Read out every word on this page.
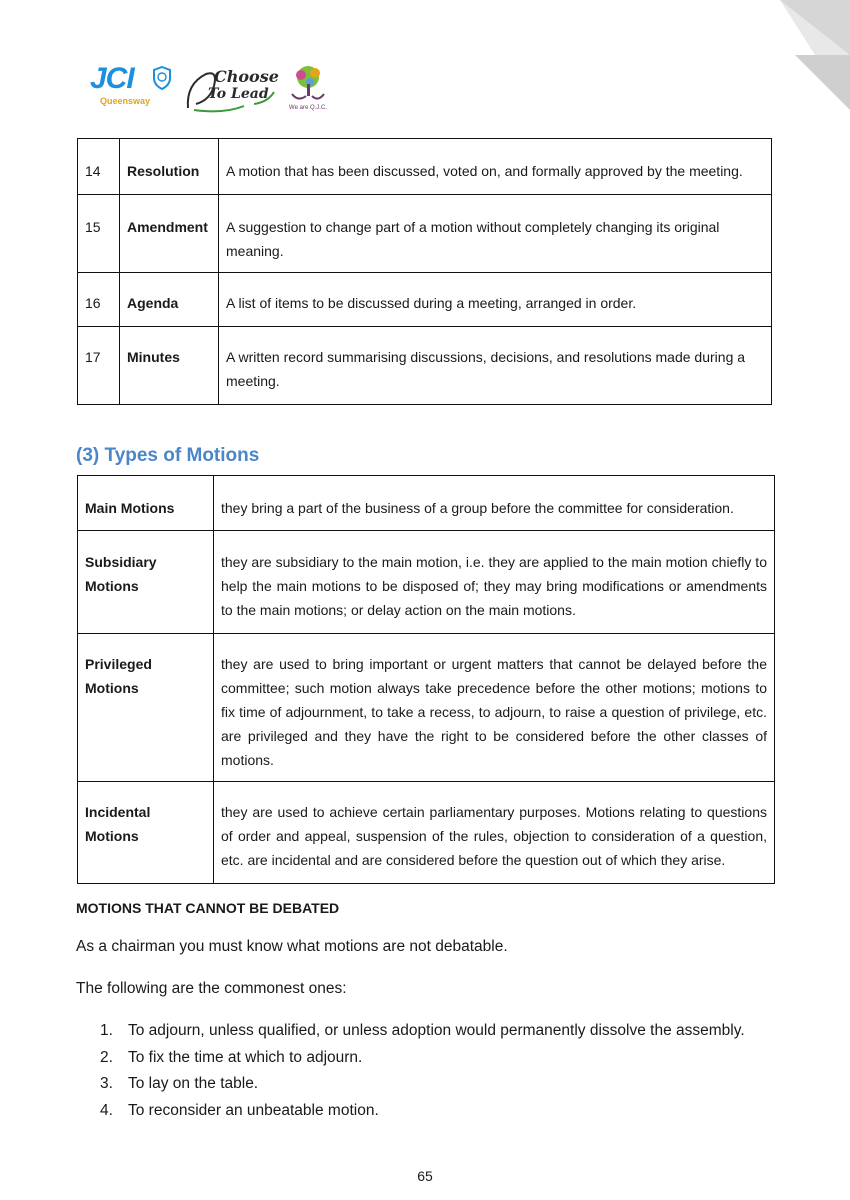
JCI
Queensway
Choose
To Lead
We are Q.J.C.
14	Resolution	A motion that has been discussed, voted on, and formally approved by the meeting.
15	Amendment	A suggestion to change part of a motion without completely changing its original meaning.
16	Agenda	A list of items to be discussed during a meeting, arranged in order.
17	Minutes	A written record summarising discussions, decisions, and resolutions made during a meeting.
(3) Types of Motions
Main Motions	they bring a part of the business of a group before the committee for consideration.
Subsidiary Motions	they are subsidiary to the main motion, i.e. they are applied to the main motion chiefly to help the main motions to be disposed of; they may bring modifications or amendments to the main motions; or delay action on the main motions.
Privileged Motions	they are used to bring important or urgent matters that cannot be delayed before the committee; such motion always take precedence before the other motions; motions to fix time of adjournment, to take a recess, to adjourn, to raise a question of privilege, etc. are privileged and they have the right to be considered before the other classes of motions.
Incidental Motions	they are used to achieve certain parliamentary purposes. Motions relating to questions of order and appeal, suspension of the rules, objection to consideration of a question, etc. are incidental and are considered before the question out of which they arise.
MOTIONS THAT CANNOT BE DEBATED
As a chairman you must know what motions are not debatable.
The following are the commonest ones:
1. To adjourn, unless qualified, or unless adoption would permanently dissolve the assembly.
2. To fix the time at which to adjourn.
3. To lay on the table.
4. To reconsider an unbeatable motion.
65
